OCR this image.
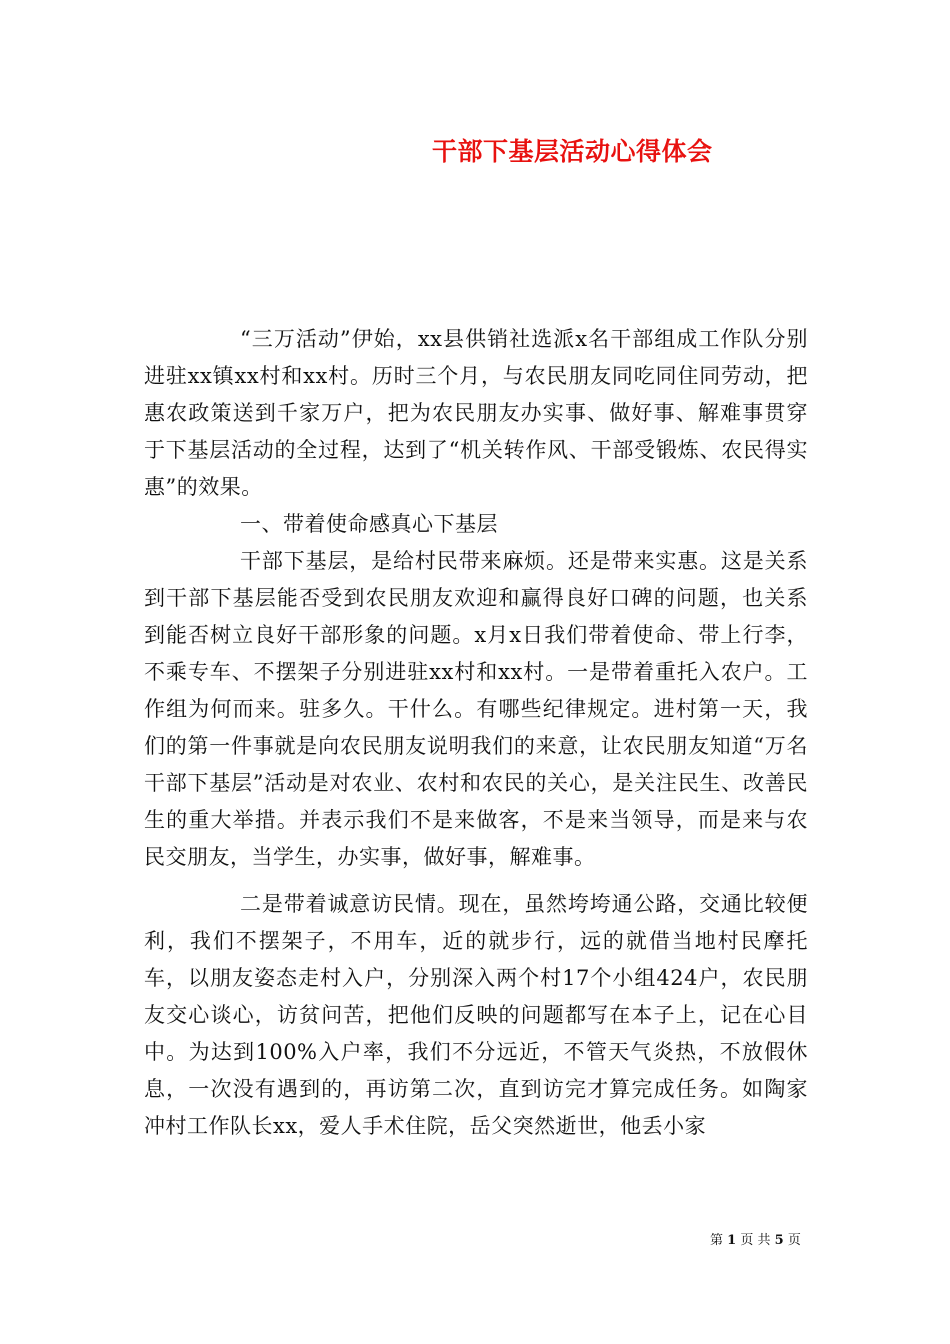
干部下基层活动心得体会

“三万活动”伊始，xx县供销社选派x名干部组成工作队分别进驻xx镇xx村和xx村。历时三个月，与农民朋友同吃同住同劳动，把惠农政策送到千家万户，把为农民朋友办实事、做好事、解难事贯穿于下基层活动的全过程，达到了“机关转作风、干部受锻炼、农民得实惠”的效果。

一、带着使命感真心下基层

干部下基层，是给村民带来麻烦。还是带来实惠。这是关系到干部下基层能否受到农民朋友欢迎和赢得良好口碑的问题，也关系到能否树立良好干部形象的问题。x月x日我们带着使命、带上行李，不乘专车、不摆架子分别进驻xx村和xx村。一是带着重托入农户。工作组为何而来。驻多久。干什么。有哪些纪律规定。进村第一天，我们的第一件事就是向农民朋友说明我们的来意，让农民朋友知道“万名干部下基层”活动是对农业、农村和农民的关心，是关注民生、改善民生的重大举措。并表示我们不是来做客，不是来当领导，而是来与农民交朋友，当学生，办实事，做好事，解难事。

二是带着诚意访民情。现在，虽然垮垮通公路，交通比较便利，我们不摆架子，不用车，近的就步行，远的就借当地村民摩托车，以朋友姿态走村入户，分别深入两个村17个小组424户，农民朋友交心谈心，访贫问苦，把他们反映的问题都写在本子上，记在心目中。为达到100%入户率，我们不分远近，不管天气炎热，不放假休息，一次没有遇到的，再访第二次，直到访完才算完成任务。如陶家冲村工作队长xx，爱人手术住院，岳父突然逝世，他丢小家

第 1 页 共 5 页
